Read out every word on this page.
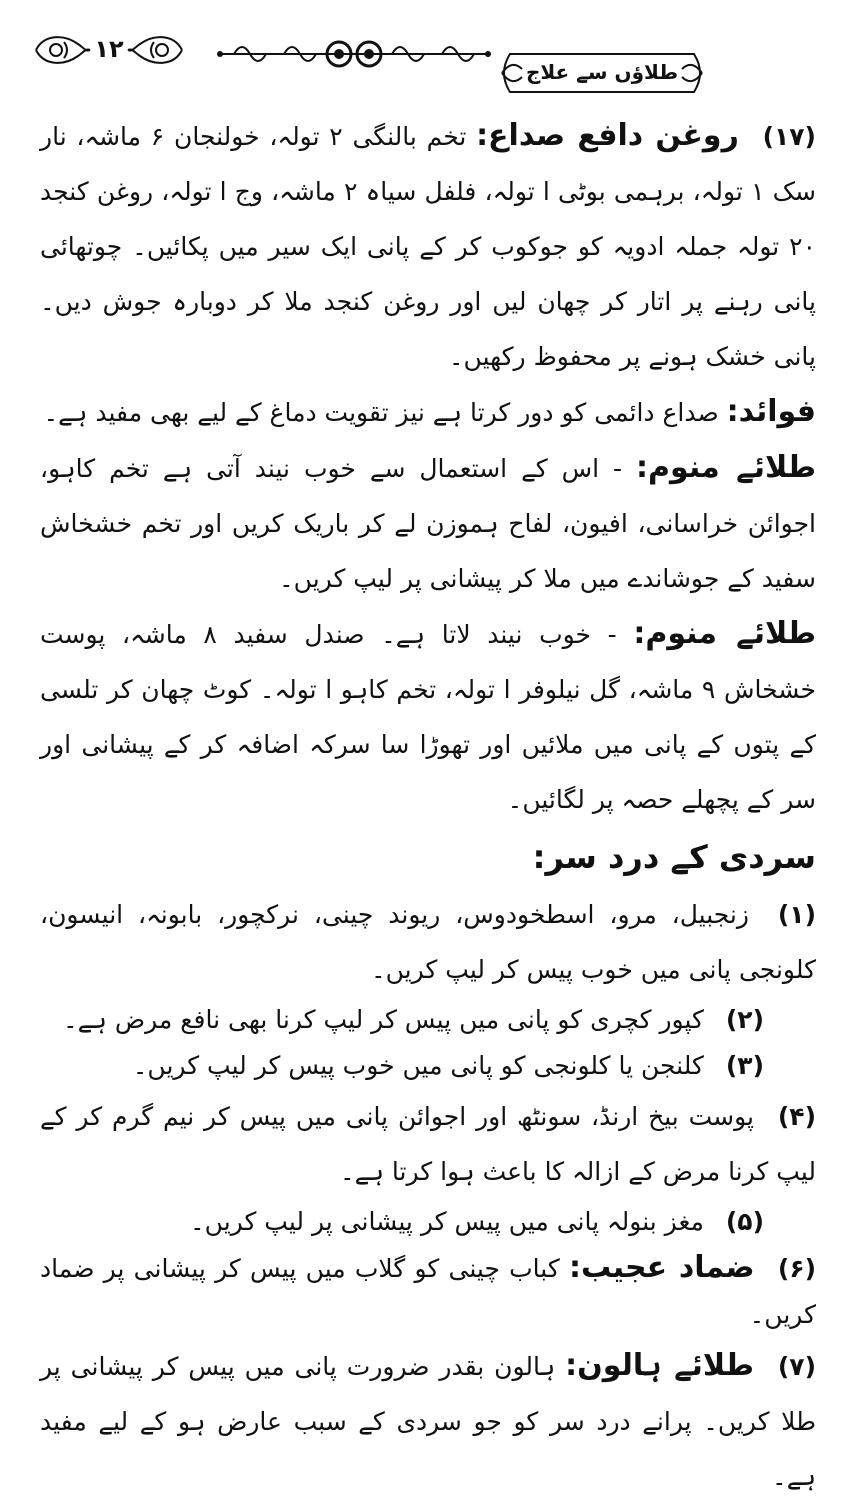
۱۲
طلاؤں سے علاج

(۱۷) روغن دافع صداع: تخم بالنگی ۲ تولہ، خولنجان ۶ ماشہ، نار سک ۱ تولہ، برہمی بوٹی ا تولہ، فلفل سیاہ ۲ ماشہ، وج ا تولہ، روغن کنجد ۲۰ تولہ جملہ ادویہ کو جوکوب کر کے پانی ایک سیر میں پکائیں۔ چوتھائی پانی رہنے پر اتار کر چھان لیں اور روغن کنجد ملا کر دوبارہ جوش دیں۔ پانی خشک ہونے پر محفوظ رکھیں۔

فوائد: صداع دائمی کو دور کرتا ہے نیز تقویت دماغ کے لیے بھی مفید ہے۔

طلائے منوم: - اس کے استعمال سے خوب نیند آتی ہے تخم کاہو، اجوائن خراسانی، افیون، لفاح ہموزن لے کر باریک کریں اور تخم خشخاش سفید کے جوشاندے میں ملا کر پیشانی پر لیپ کریں۔

طلائے منوم: - خوب نیند لاتا ہے۔ صندل سفید ۸ ماشہ، پوست خشخاش ۹ ماشہ، گل نیلوفر ا تولہ، تخم کاہو ا تولہ۔ کوٹ چھان کر تلسی کے پتوں کے پانی میں ملائیں اور تھوڑا سا سرکہ اضافہ کر کے پیشانی اور سر کے پچھلے حصہ پر لگائیں۔

سردی کے درد سر:

(۱) زنجبیل، مرو، اسطخودوس، ریوند چینی، نرکچور، بابونہ، انیسون، کلونجی پانی میں خوب پیس کر لیپ کریں۔

(۲) کپور کچری کو پانی میں پیس کر لیپ کرنا بھی نافع مرض ہے۔

(۳) کلنجن یا کلونجی کو پانی میں خوب پیس کر لیپ کریں۔

(۴) پوست بیخ ارنڈ، سونٹھ اور اجوائن پانی میں پیس کر نیم گرم کر کے لیپ کرنا مرض کے ازالہ کا باعث ہوا کرتا ہے۔

(۵) مغز بنولہ پانی میں پیس کر پیشانی پر لیپ کریں۔

(۶) ضماد عجیب: کباب چینی کو گلاب میں پیس کر پیشانی پر ضماد کریں۔

(۷) طلائے ہالون: ہالون بقدر ضرورت پانی میں پیس کر پیشانی پر طلا کریں۔ پرانے درد سر کو جو سردی کے سبب عارض ہو کے لیے مفید ہے۔
